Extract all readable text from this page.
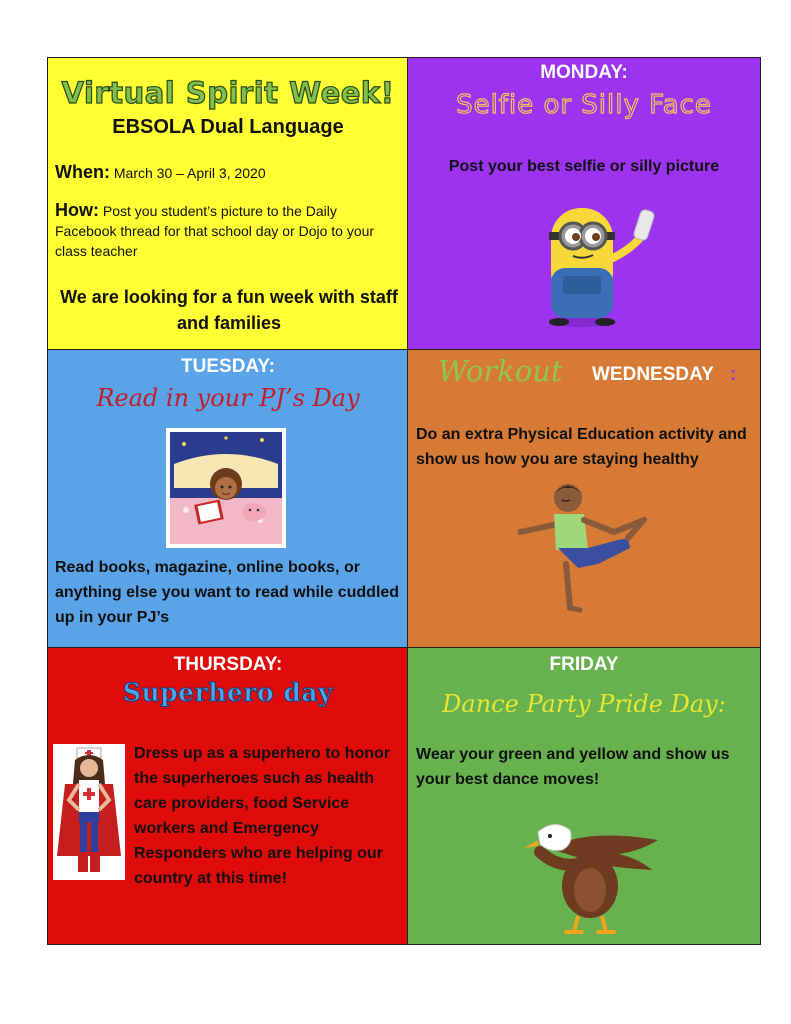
Virtual Spirit Week!
EBSOLA Dual Language
When: March 30 – April 3, 2020
How: Post you student’s picture to the Daily Facebook thread for that school day or Dojo to your class teacher
We are looking for a fun week with staff and families
MONDAY:
Selfie or Silly Face
Post your best selfie or silly picture
TUESDAY:
Read in your PJ’s Day
Read books, magazine, online books, or anything else you want to read while cuddled up in your PJ’s
Workout WEDNESDAY :
Do an extra Physical Education activity and show us how you are staying healthy
THURSDAY:
Superhero day
Dress up as a superhero to honor the superheroes such as health care providers, food Service workers and Emergency Responders who are helping our country at this time!
FRIDAY
Dance Party Pride Day:
Wear your green and yellow and show us your best dance moves!
